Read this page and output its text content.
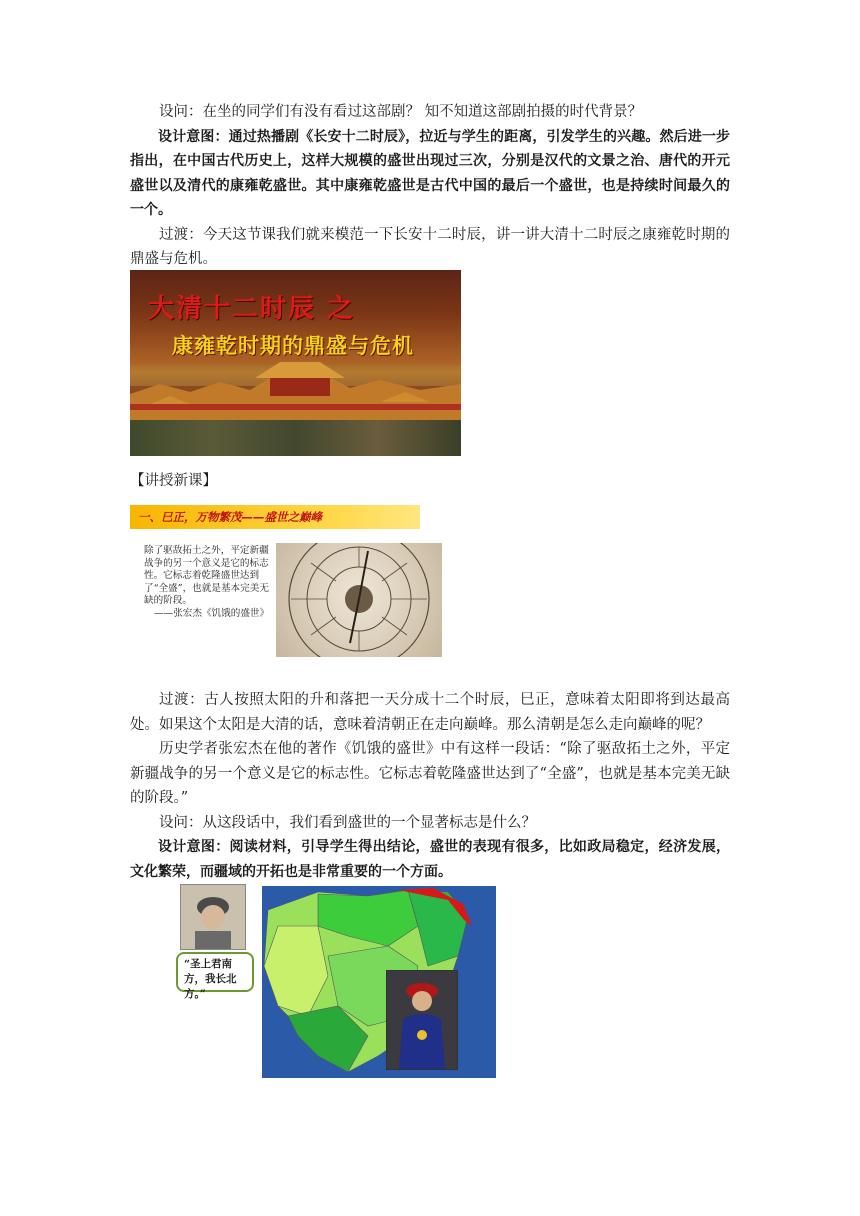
设问：在坐的同学们有没有看过这部剧？ 知不知道这部剧拍摄的时代背景？

设计意图：通过热播剧《长安十二时辰》，拉近与学生的距离，引发学生的兴趣。然后进一步指出，在中国古代历史上，这样大规模的盛世出现过三次，分别是汉代的文景之治、唐代的开元盛世以及清代的康雍乾盛世。其中康雍乾盛世是古代中国的最后一个盛世，也是持续时间最久的一个。

过渡：今天这节课我们就来模范一下长安十二时辰，讲一讲大清十二时辰之康雍乾时期的鼎盛与危机。

大清十二时辰 之
康雍乾时期的鼎盛与危机
【讲授新课】
一、巳正，万物繁茂——盛世之巅峰
除了驱敌拓土之外，平定新疆战争的另一个意义是它的标志性。它标志着乾隆盛世达到了“全盛”，也就是基本完美无缺的阶段。
——张宏杰《饥饿的盛世》

过渡：古人按照太阳的升和落把一天分成十二个时辰，巳正，意味着太阳即将到达最高处。如果这个太阳是大清的话，意味着清朝正在走向巅峰。那么清朝是怎么走向巅峰的呢？

历史学者张宏杰在他的著作《饥饿的盛世》中有这样一段话：“除了驱敌拓土之外，平定新疆战争的另一个意义是它的标志性。它标志着乾隆盛世达到了“全盛”，也就是基本完美无缺的阶段。”

设问：从这段话中，我们看到盛世的一个显著标志是什么？

设计意图：阅读材料，引导学生得出结论，盛世的表现有很多，比如政局稳定，经济发展，文化繁荣，而疆域的开拓也是非常重要的一个方面。

“圣上君南方，我长北方。”
